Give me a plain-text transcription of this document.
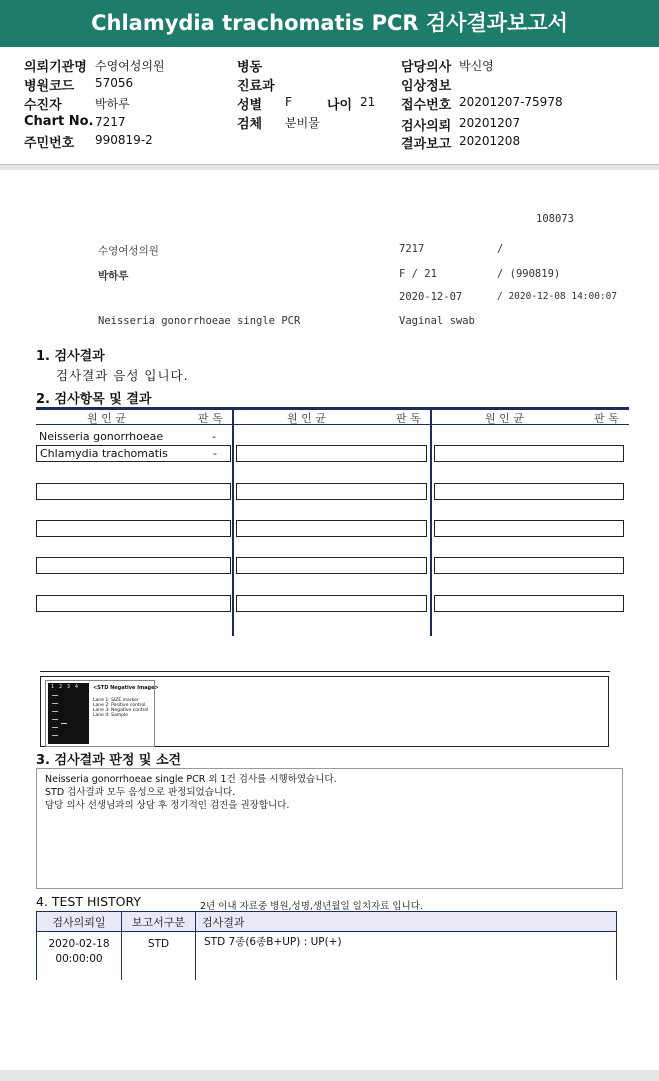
Chlamydia trachomatis PCR 검사결과보고서
의뢰기관명 수영여성의원
병원코드 57056
수진자	박하루
Chart No. 7217
주민번호 990819-2
병동
진료과
성별 F	나이 21
검체 분비물
담당의사 박신영
임상정보
접수번호 20201207-75978
검사의뢰 20201207
결과보고 20201208
108073
수영여성의원	7217	/
박하루	F / 21	/ (990819)
2020-12-07	/ 2020-12-08 14:00:07
Neisseria gonorrhoeae single PCR	Vaginal swab
1. 검사결과
검사결과 음성 입니다.
2. 검사항목 및 결과
원 인 균	판 독	원 인 균	판 독	원 인 균	판 독
Neisseria gonorrhoeae	-
Chlamydia trachomatis	-
1   2   3   4	<STD Negative Image>
Lane 1: SIZE marker
Lane 2: Positive control
Lane 3: Negative control
Lane 4: Sample
3. 검사결과 판정 및 소견
Neisseria gonorrhoeae single PCR 외 1건 검사를 시행하였습니다.
STD 검사결과 모두 음성으로 판정되었습니다.
담당 의사 선생님과의 상담 후 정기적인 검진을 권장합니다.
4. TEST HISTORY	2년 이내 자료중 병원,성명,생년월일 일치자료 입니다.
검사의뢰일	보고서구분	검사결과
2020-02-18
00:00:00
STD	STD 7종(6종B+UP) : UP(+)
